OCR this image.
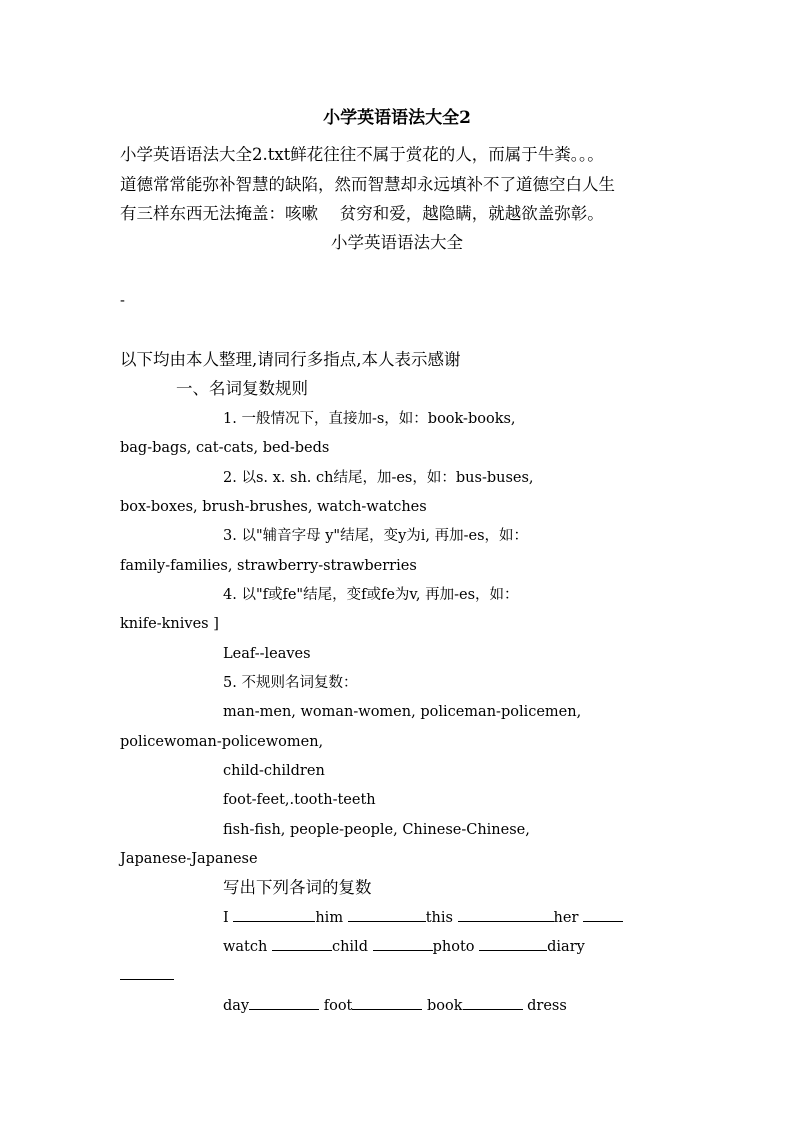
小学英语语法大全2
小学英语语法大全2.txt鲜花往往不属于赏花的人，而属于牛粪。。。
道德常常能弥补智慧的缺陷，然而智慧却永远填补不了道德空白人生
有三样东西无法掩盖：咳嗽　 贫穷和爱，越隐瞒，就越欲盖弥彰。
小学英语语法大全
-
以下均由本人整理,请同行多指点,本人表示感谢
一、名词复数规则
1. 一般情况下，直接加-s，如：book-books,
bag-bags, cat-cats, bed-beds
2. 以s. x. sh. ch结尾，加-es，如：bus-buses,
box-boxes, brush-brushes, watch-watches
3. 以"辅音字母 y"结尾，变y为i, 再加-es，如：
family-families, strawberry-strawberries
4. 以"f或fe"结尾，变f或fe为v, 再加-es，如：
knife-knives ]
Leaf--leaves
5. 不规则名词复数：
man-men, woman-women, policeman-policemen,
policewoman-policewomen,
child-children
foot-feet,.tooth-teeth
fish-fish, people-people, Chinese-Chinese,
Japanese-Japanese
写出下列各词的复数
I	him	this	her
watch	child	photo	diary
day	foot	book	dress
